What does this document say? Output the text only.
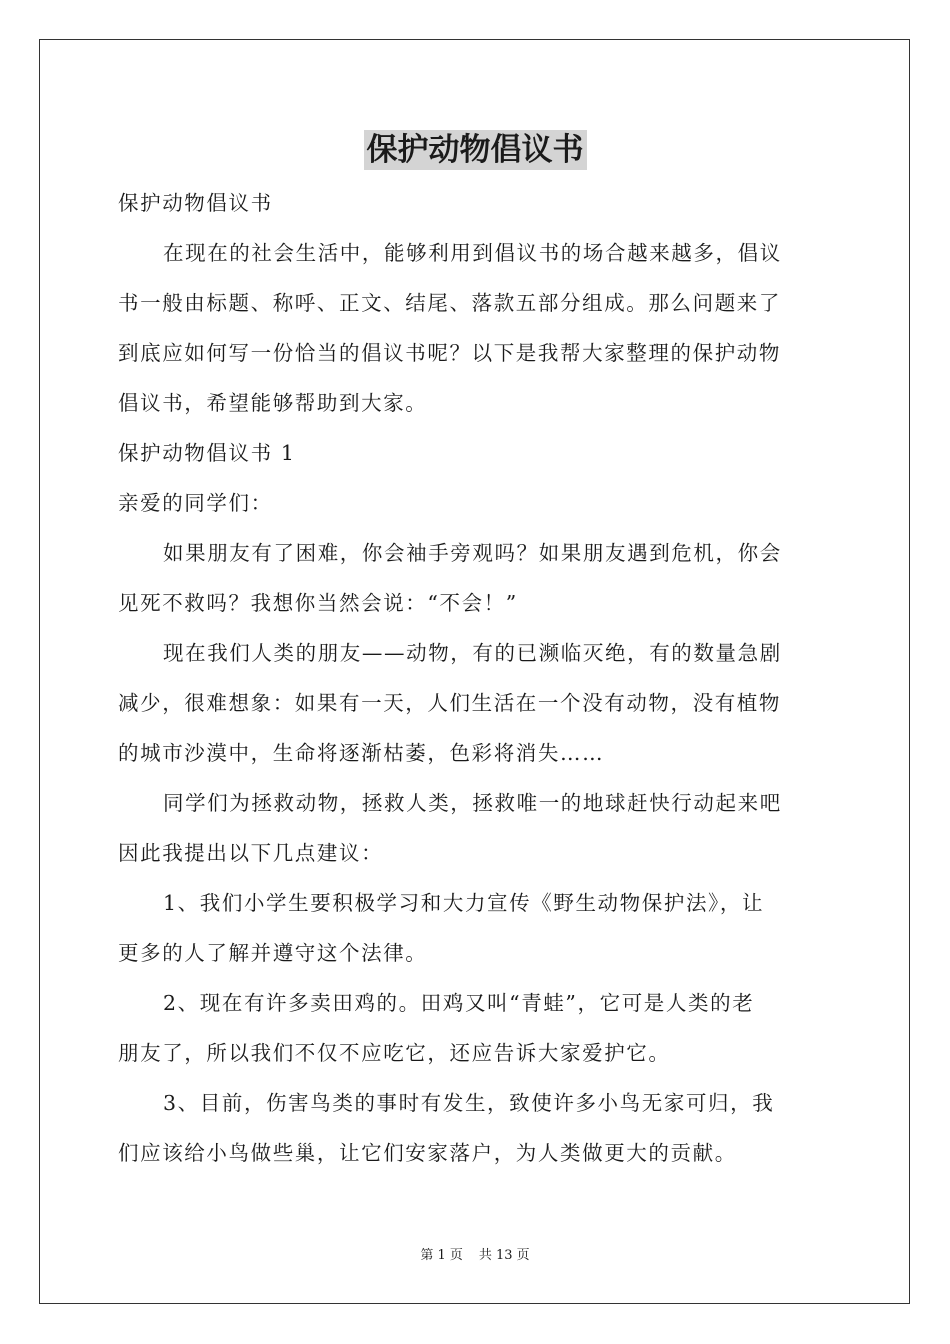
保护动物倡议书
保护动物倡议书
在现在的社会生活中，能够利用到倡议书的场合越来越多，倡议
书一般由标题、称呼、正文、结尾、落款五部分组成。那么问题来了
到底应如何写一份恰当的倡议书呢？以下是我帮大家整理的保护动物
倡议书，希望能够帮助到大家。
保护动物倡议书 1
亲爱的同学们：
如果朋友有了困难，你会袖手旁观吗？如果朋友遇到危机，你会
见死不救吗？我想你当然会说：“不会！”
现在我们人类的朋友——动物，有的已濒临灭绝，有的数量急剧
减少，很难想象：如果有一天，人们生活在一个没有动物，没有植物
的城市沙漠中，生命将逐渐枯萎，色彩将消失……
同学们为拯救动物，拯救人类，拯救唯一的地球赶快行动起来吧
因此我提出以下几点建议：
1、我们小学生要积极学习和大力宣传《野生动物保护法》，让
更多的人了解并遵守这个法律。
2、现在有许多卖田鸡的。田鸡又叫“青蛙”，它可是人类的老
朋友了，所以我们不仅不应吃它，还应告诉大家爱护它。
3、目前，伤害鸟类的事时有发生，致使许多小鸟无家可归，我
们应该给小鸟做些巢，让它们安家落户，为人类做更大的贡献。
第 1 页 共 13 页
